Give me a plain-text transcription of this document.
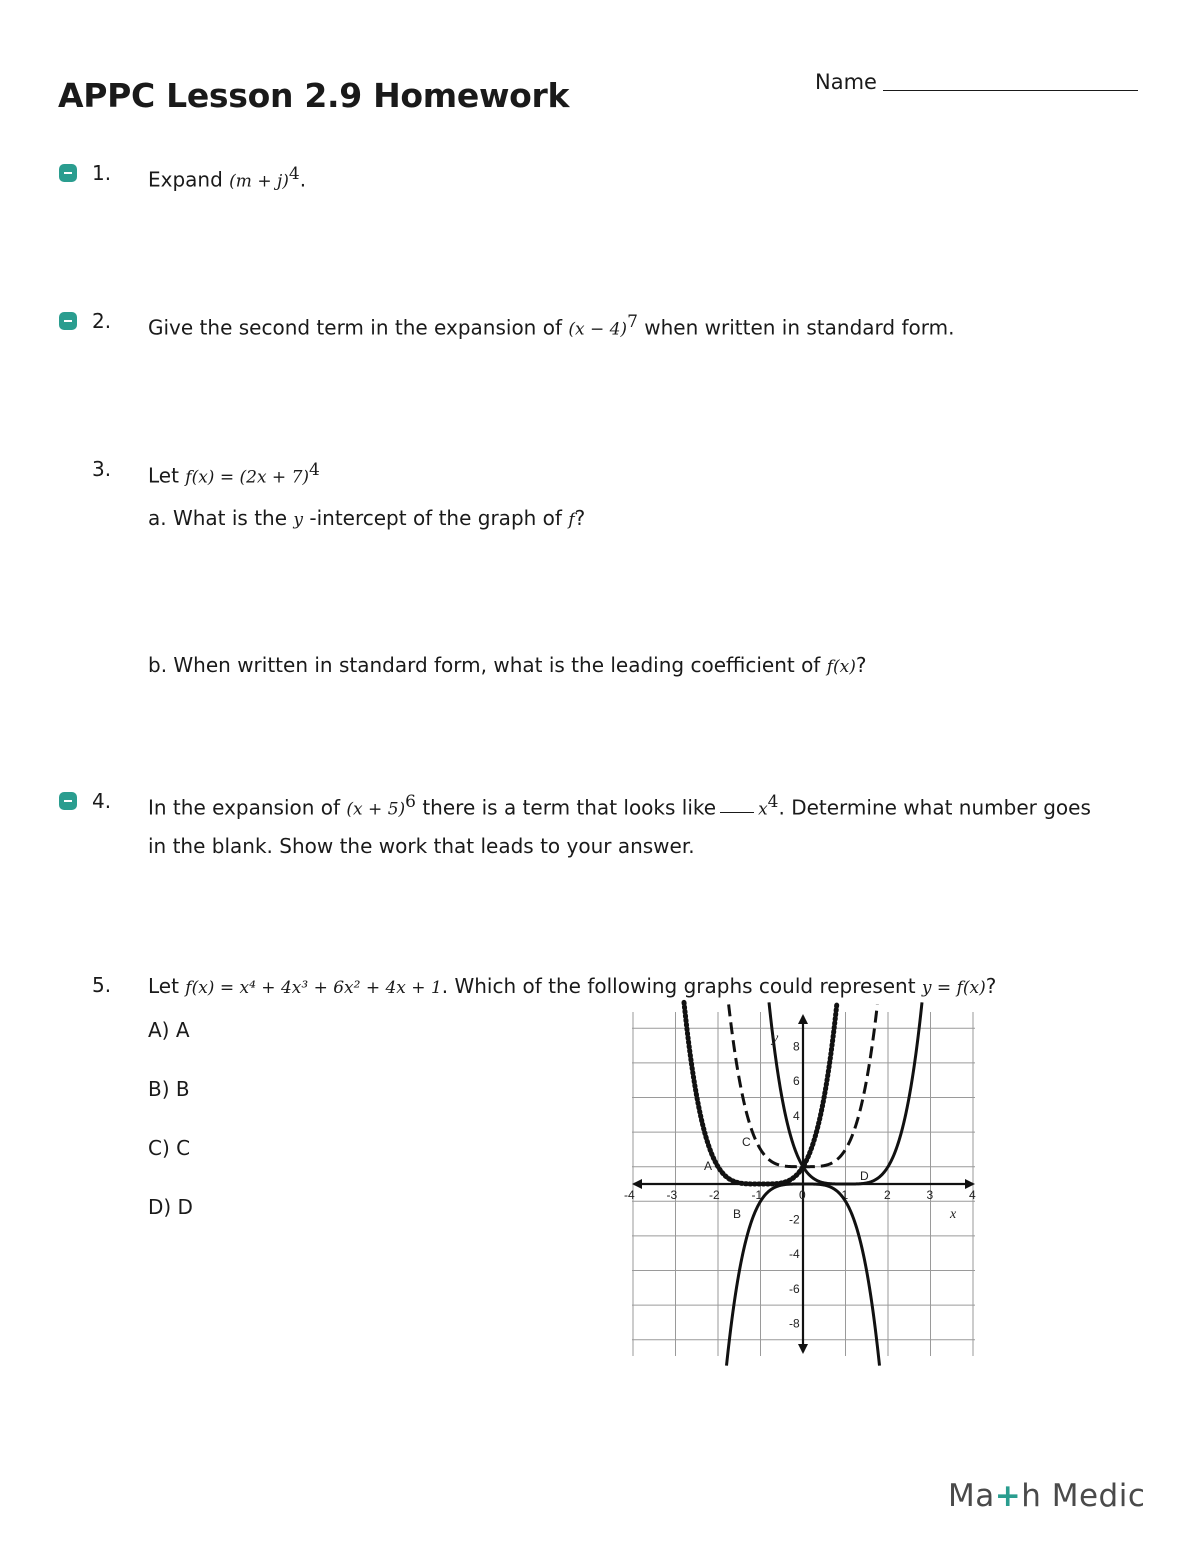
APPC Lesson 2.9 Homework	Name
1. Expand $(m + j)^4$.
2. Give the second term in the expansion of $(x - 4)^7$ when written in standard form.
3. Let $f(x) = (2x + 7)^4$
a. What is the y -intercept of the graph of f?
b. When written in standard form, what is the leading coefficient of f(x)?
4. In the expansion of $(x + 5)^6$ there is a term that looks like $x^4$. Determine what number goes
in the blank. Show the work that leads to your answer.
5. Let f(x) = x⁴ + 4x³ + 6x² + 4x + 1. Which of the following graphs could represent y = f(x)?
A) A
B) B
C) C
D) D	-4	-3	-2	-1	0	1	2	3	4
8
6
4
-2
-4
-6
-8
A
B
C
D
y
x
Ma+h Medic
